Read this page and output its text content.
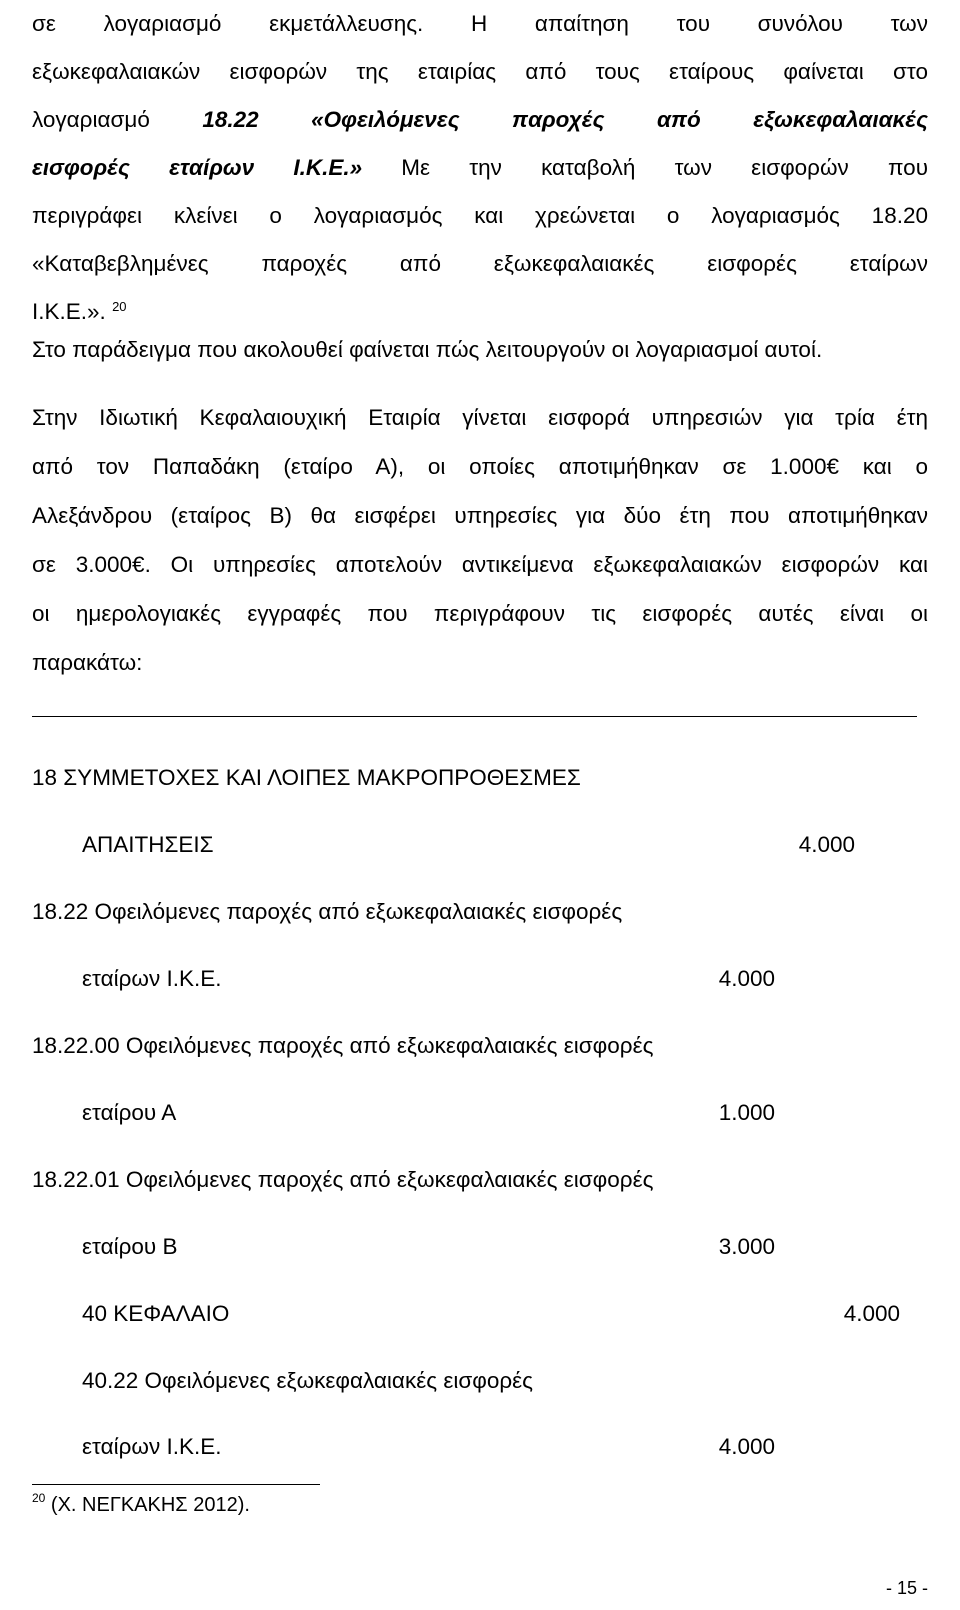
σε λογαριασμό εκμετάλλευσης. Η απαίτηση του συνόλου των
εξωκεφαλαιακών εισφορών της εταιρίας από τους εταίρους φαίνεται στο
λογαριασμό 18.22 «Οφειλόμενες παροχές από εξωκεφαλαιακές
εισφορές εταίρων Ι.Κ.Ε.» Με την καταβολή των εισφορών που
περιγράφει κλείνει ο λογαριασμός και χρεώνεται ο λογαριασμός 18.20
«Καταβεβλημένες παροχές από εξωκεφαλαιακές εισφορές εταίρων
Ι.Κ.Ε.». $^{20}$
Στο παράδειγμα που ακολουθεί φαίνεται πώς λειτουργούν οι λογαριασμοί αυτοί.
Στην Ιδιωτική Κεφαλαιουχική Εταιρία γίνεται εισφορά υπηρεσιών για τρία έτη
από τον Παπαδάκη (εταίρο Α), οι οποίες αποτιμήθηκαν σε 1.000€ και ο
Αλεξάνδρου (εταίρος Β) θα εισφέρει υπηρεσίες για δύο έτη που αποτιμήθηκαν
σε 3.000€. Οι υπηρεσίες αποτελούν αντικείμενα εξωκεφαλαιακών εισφορών και
οι ημερολογιακές εγγραφές που περιγράφουν τις εισφορές αυτές είναι οι
παρακάτω:
18 ΣΥΜΜΕΤΟΧΕΣ ΚΑΙ ΛΟΙΠΕΣ ΜΑΚΡΟΠΡΟΘΕΣΜΕΣ
ΑΠΑΙΤΗΣΕΙΣ	4.000
18.22 Οφειλόμενες παροχές από εξωκεφαλαιακές εισφορές
εταίρων Ι.Κ.Ε.	4.000
18.22.00 Οφειλόμενες παροχές από εξωκεφαλαιακές εισφορές
εταίρου Α	1.000
18.22.01 Οφειλόμενες παροχές από εξωκεφαλαιακές εισφορές
εταίρου Β	3.000
40 ΚΕΦΑΛΑΙΟ	4.000
40.22 Οφειλόμενες εξωκεφαλαιακές εισφορές
εταίρων Ι.Κ.Ε.	4.000
$^{20}$ (Χ. ΝΕΓΚΑΚΗΣ 2012).
- 15 -
